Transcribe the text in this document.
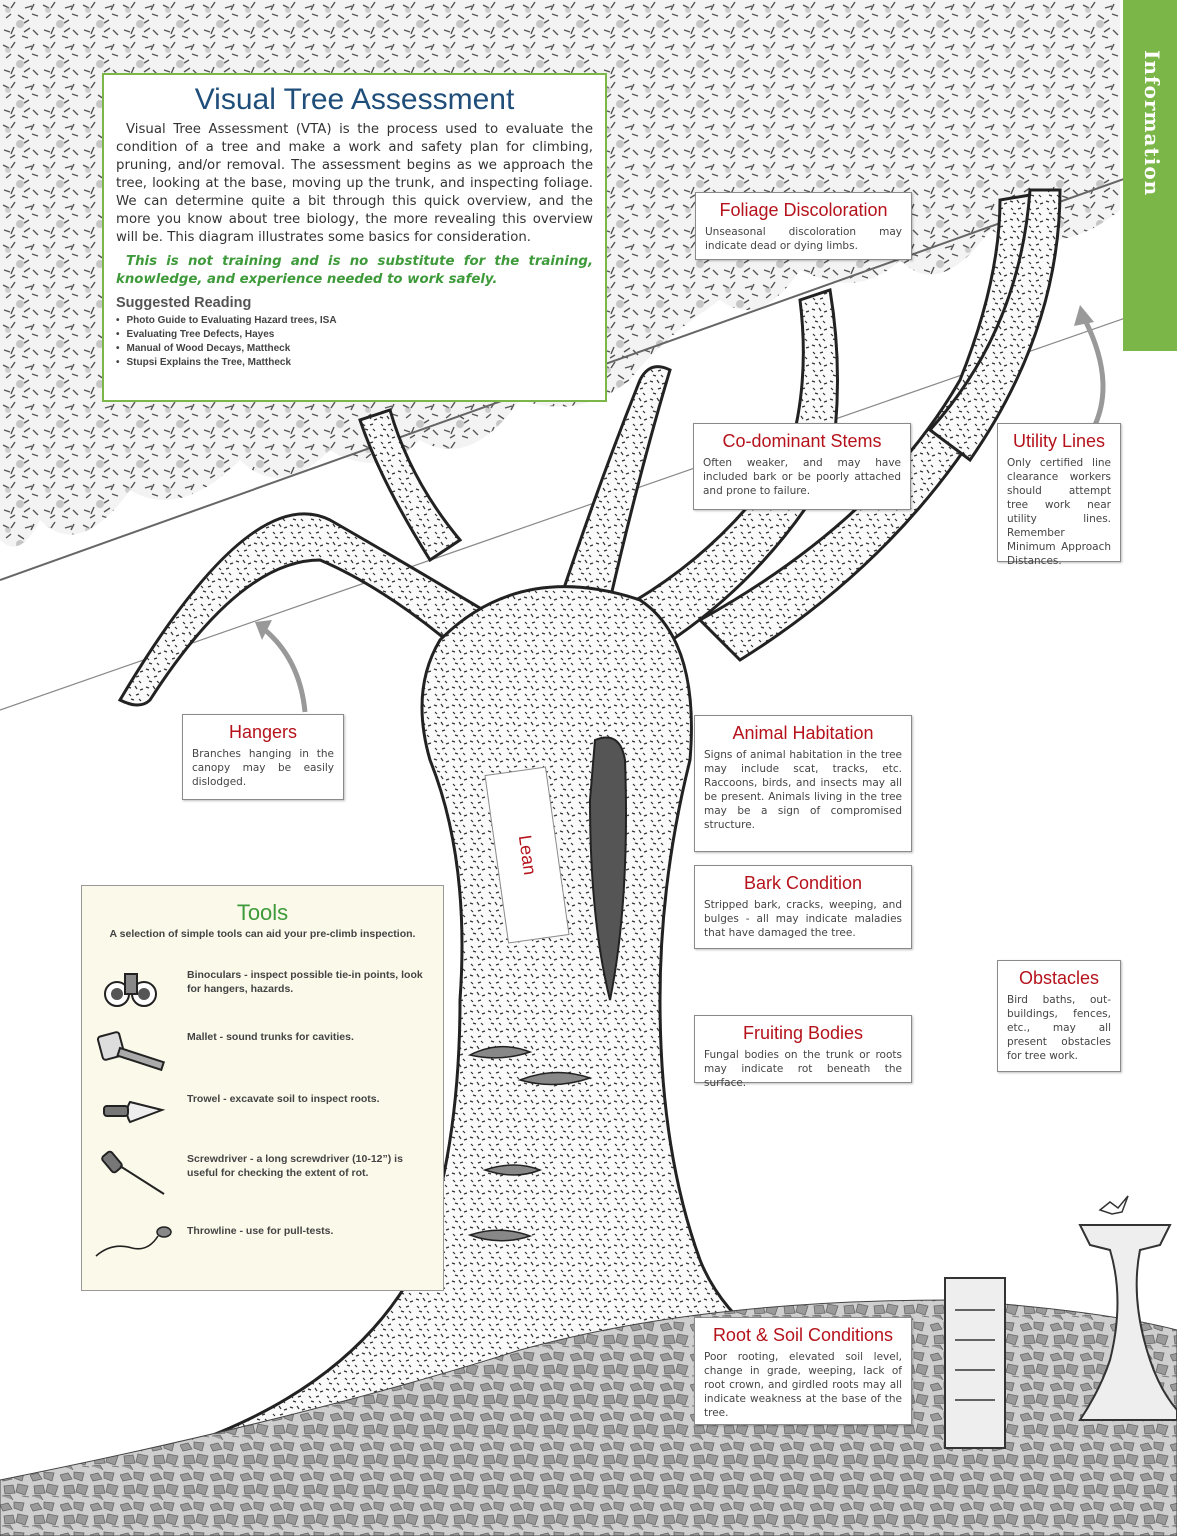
Information
Visual Tree Assessment
Visual Tree Assessment (VTA) is the process used to evaluate the condition of a tree and make a work and safety plan for climbing, pruning, and/or removal. The assessment begins as we approach the tree, looking at the base, moving up the trunk, and inspecting foliage. We can determine quite a bit through this quick overview, and the more you know about tree biology, the more revealing this overview will be. This diagram illustrates some basics for consideration.
This is not training and is no substitute for the training, knowledge, and experience needed to work safely.
Suggested Reading
• Photo Guide to Evaluating Hazard trees, ISA
• Evaluating Tree Defects, Hayes
• Manual of Wood Decays, Mattheck
• Stupsi Explains the Tree, Mattheck
Foliage Discoloration
Unseasonal discoloration may indicate dead or dying limbs.
Co-dominant Stems
Often weaker, and may have included bark or be poorly attached and prone to failure.
Utility Lines
Only certified line clearance workers should attempt tree work near utility lines. Remember Minimum Approach Distances.
Hangers
Branches hanging in the canopy may be easily dislodged.
Animal Habitation
Signs of animal habitation in the tree may include scat, tracks, etc. Raccoons, birds, and insects may all be present. Animals living in the tree may be a sign of compromised structure.
Bark Condition
Stripped bark, cracks, weeping, and bulges - all may indicate maladies that have damaged the tree.
Obstacles
Bird baths, out-buildings, fences, etc., may all present obstacles for tree work.
Fruiting Bodies
Fungal bodies on the trunk or roots may indicate rot beneath the surface.
Root & Soil Conditions
Poor rooting, elevated soil level, change in grade, weeping, lack of root crown, and girdled roots may all indicate weakness at the base of the tree.
Lean
Tools
A selection of simple tools can aid your pre-climb inspection.
Binoculars - inspect possible tie-in points, look for hangers, hazards.
Mallet - sound trunks for cavities.
Trowel - excavate soil to inspect roots.
Screwdriver - a long screwdriver (10-12”) is useful for checking the extent of rot.
Throwline - use for pull-tests.
